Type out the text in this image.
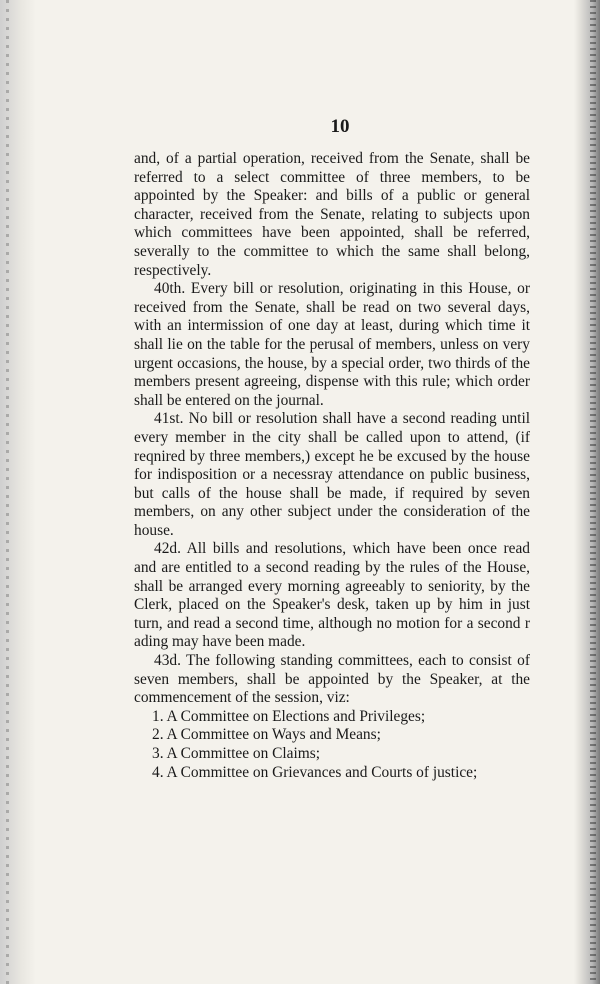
10

and, of a partial operation, received from the Senate, shall be referred to a select committee of three members, to be appointed by the Speaker: and bills of a public or general character, received from the Senate, relating to subjects upon which committees have been appointed, shall be referred, severally to the committee to which the same shall belong, respectively.

40th. Every bill or resolution, originating in this House, or received from the Senate, shall be read on two several days, with an intermission of one day at least, during which time it shall lie on the table for the perusal of members, unless on very urgent occasions, the house, by a special order, two thirds of the members present agreeing, dispense with this rule; which order shall be entered on the journal.

41st. No bill or resolution shall have a second reading until every member in the city shall be called upon to attend, (if reqnired by three members,) except he be excused by the house for indisposition or a necessray attendance on public business, but calls of the house shall be made, if required by seven members, on any other subject under the consideration of the house.

42d. All bills and resolutions, which have been once read and are entitled to a second reading by the rules of the House, shall be arranged every morning agreeably to seniority, by the Clerk, placed on the Speaker's desk, taken up by him in just turn, and read a second time, although no motion for a second r ading may have been made.

43d. The following standing committees, each to consist of seven members, shall be appointed by the Speaker, at the commencement of the session, viz:

1. A Committee on Elections and Privileges;

2. A Committee on Ways and Means;

3. A Committee on Claims;

4. A Committee on Grievances and Courts of justice;
